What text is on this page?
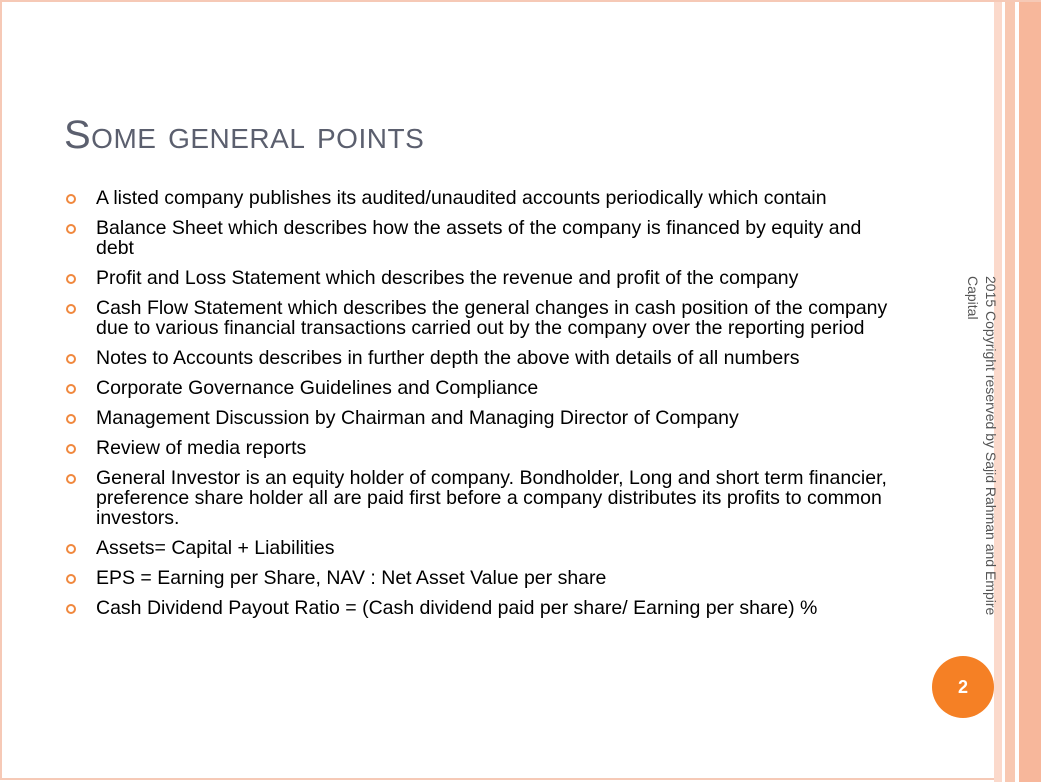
Some general points
A listed company publishes its audited/unaudited accounts periodically which contain
Balance Sheet which describes how the assets of the company is financed by equity and debt
Profit and Loss Statement which describes the revenue and profit of the company
Cash Flow Statement which describes the general changes in cash position of the company due to various financial transactions carried out by the company over the reporting period
Notes to Accounts describes in further depth the above with details of all numbers
Corporate Governance Guidelines and Compliance
Management Discussion by Chairman and Managing Director of Company
Review of media reports
General Investor is an equity holder of company. Bondholder, Long and short term financier, preference share holder all are paid first before a company distributes its profits to common investors.
Assets= Capital + Liabilities
EPS = Earning per Share, NAV : Net Asset Value per share
Cash Dividend Payout Ratio = (Cash dividend paid per share/ Earning per share) %	2015 Copyright reserved by Sajid Rahman and Empire Capital
2
